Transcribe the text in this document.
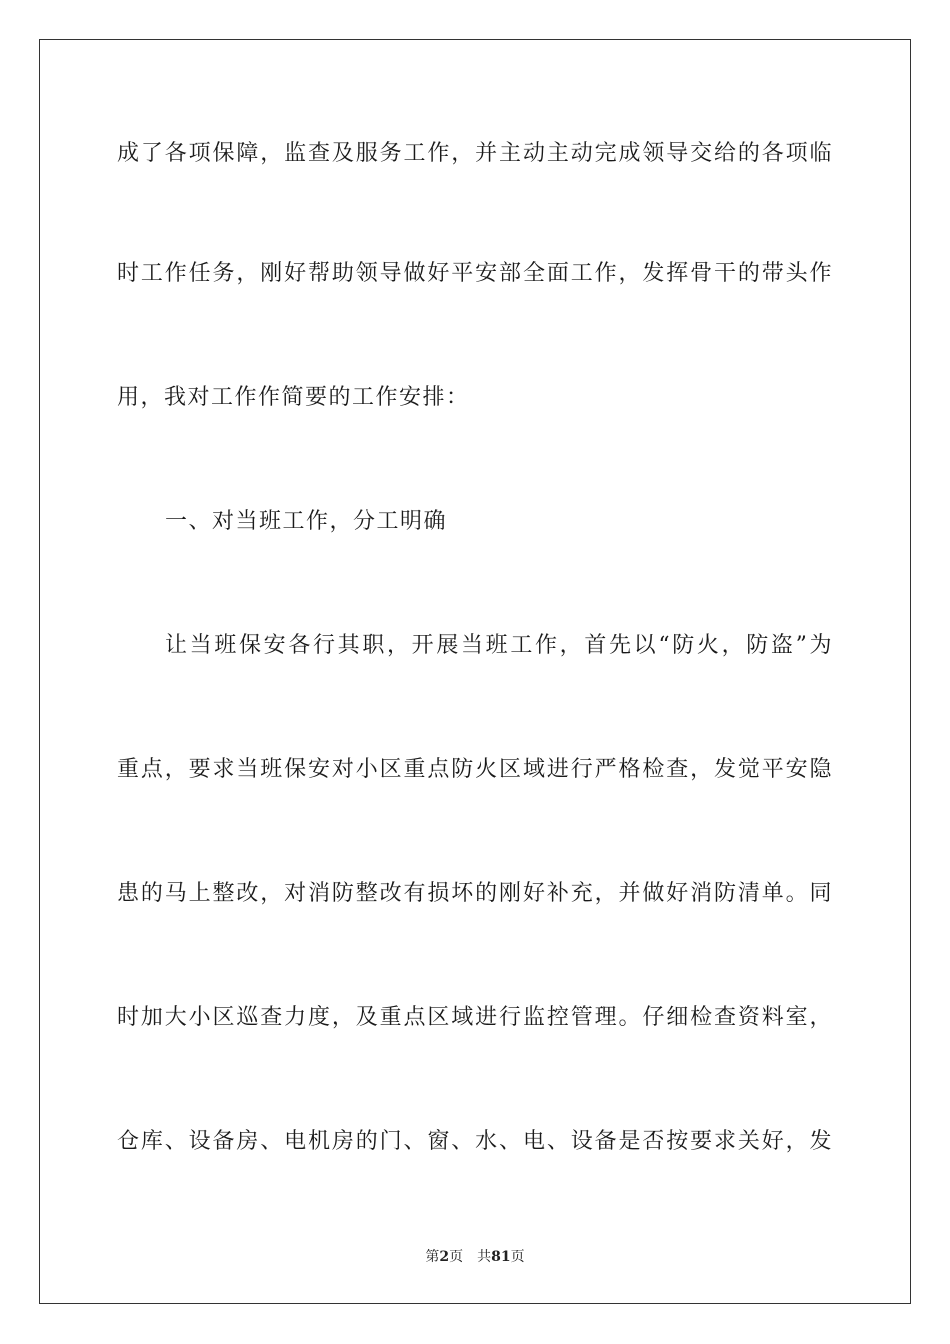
成了各项保障，监查及服务工作，并主动主动完成领导交给的各项临
时工作任务，刚好帮助领导做好平安部全面工作，发挥骨干的带头作
用，我对工作作简要的工作安排：
一、对当班工作，分工明确
让当班保安各行其职，开展当班工作，首先以“防火，防盗”为
重点，要求当班保安对小区重点防火区域进行严格检查，发觉平安隐
患的马上整改，对消防整改有损坏的刚好补充，并做好消防清单。同
时加大小区巡查力度，及重点区域进行监控管理。仔细检查资料室，
仓库、设备房、电机房的门、窗、水、电、设备是否按要求关好，发
第2页 共81页
